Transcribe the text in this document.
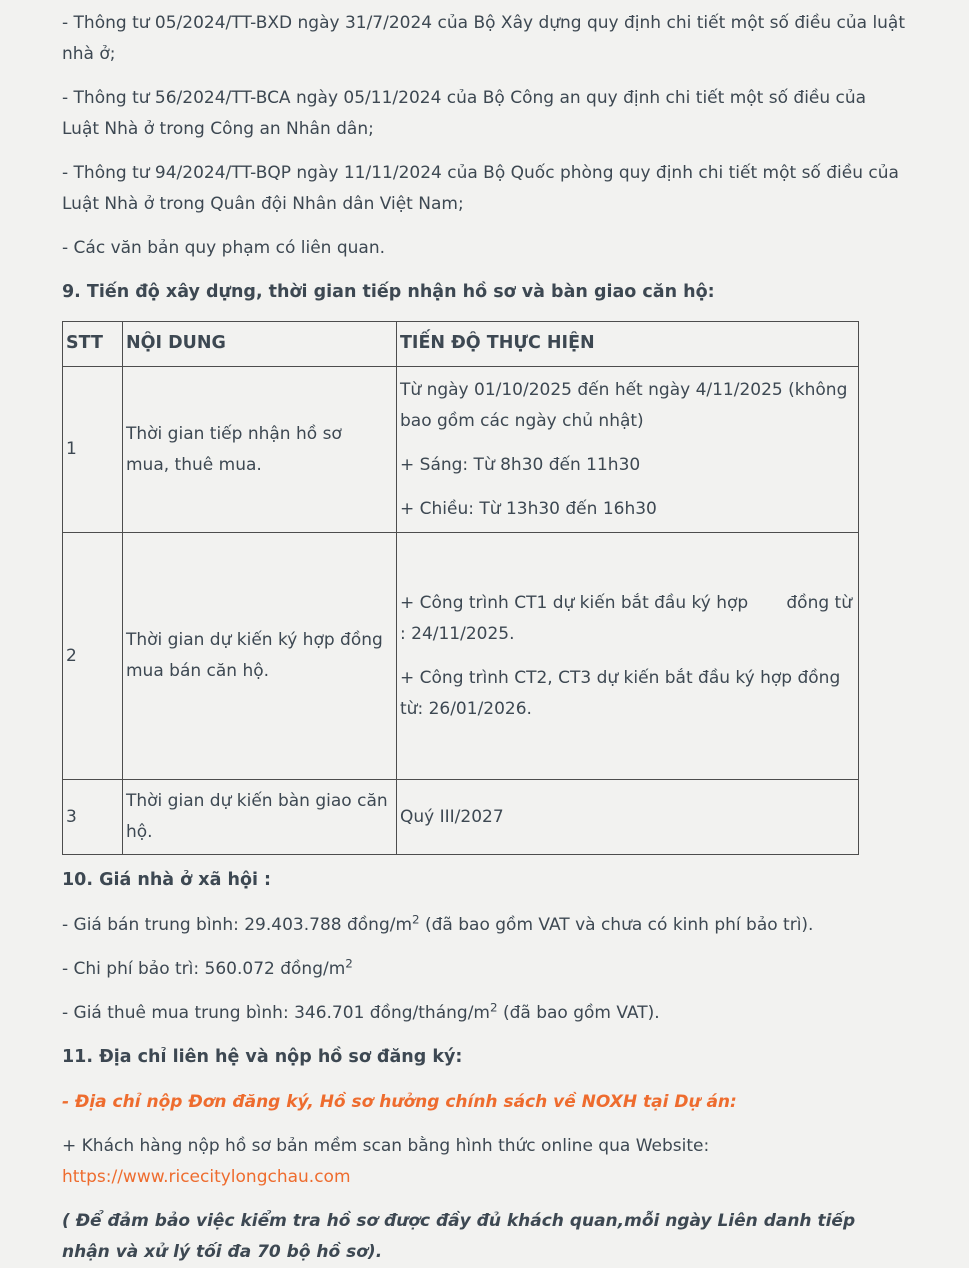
- Thông tư 05/2024/TT-BXD ngày 31/7/2024 của Bộ Xây dựng quy định chi tiết một số điều của luật nhà ở;

- Thông tư 56/2024/TT-BCA ngày 05/11/2024 của Bộ Công an quy định chi tiết một số điều của Luật Nhà ở trong Công an Nhân dân;

- Thông tư 94/2024/TT-BQP ngày 11/11/2024 của Bộ Quốc phòng quy định chi tiết một số điều của Luật Nhà ở trong Quân đội Nhân dân Việt Nam;

- Các văn bản quy phạm có liên quan.

9. Tiến độ xây dựng, thời gian tiếp nhận hồ sơ và bàn giao căn hộ:
STT	NỘI DUNG	TIẾN ĐỘ THỰC HIỆN
1	Thời gian tiếp nhận hồ sơ mua, thuê mua.	Từ ngày 01/10/2025 đến hết ngày 4/11/2025 (không bao gồm các ngày chủ nhật)
+ Sáng: Từ 8h30 đến 11h30
+ Chiều: Từ 13h30 đến 16h30

2	Thời gian dự kiến ký hợp đồng mua bán căn hộ.	+ Công trình CT1 dự kiến bắt đầu ký hợp đồng từ
: 24/11/2025.
+ Công trình CT2, CT3 dự kiến bắt đầu ký hợp đồng từ: 26/01/2026.

3	Thời gian dự kiến bàn giao căn hộ.	Quý III/2027
10. Giá nhà ở xã hội :

- Giá bán trung bình: 29.403.788 đồng/$m^2$ (đã bao gồm VAT và chưa có kinh phí bảo trì).

- Chi phí bảo trì: 560.072 đồng/$m^2$

- Giá thuê mua trung bình: 346.701 đồng/$tháng/m^2$ (đã bao gồm VAT).

11. Địa chỉ liên hệ và nộp hồ sơ đăng ký:

- Địa chỉ nộp Đơn đăng ký, Hồ sơ hưởng chính sách về NOXH tại Dự án:

+ Khách hàng nộp hồ sơ bản mềm scan bằng hình thức online qua Website: https://www.ricecitylongchau.com

( Để đảm bảo việc kiểm tra hồ sơ được đầy đủ khách quan,mỗi ngày Liên danh tiếp nhận và xử lý tối đa 70 bộ hồ sơ).
